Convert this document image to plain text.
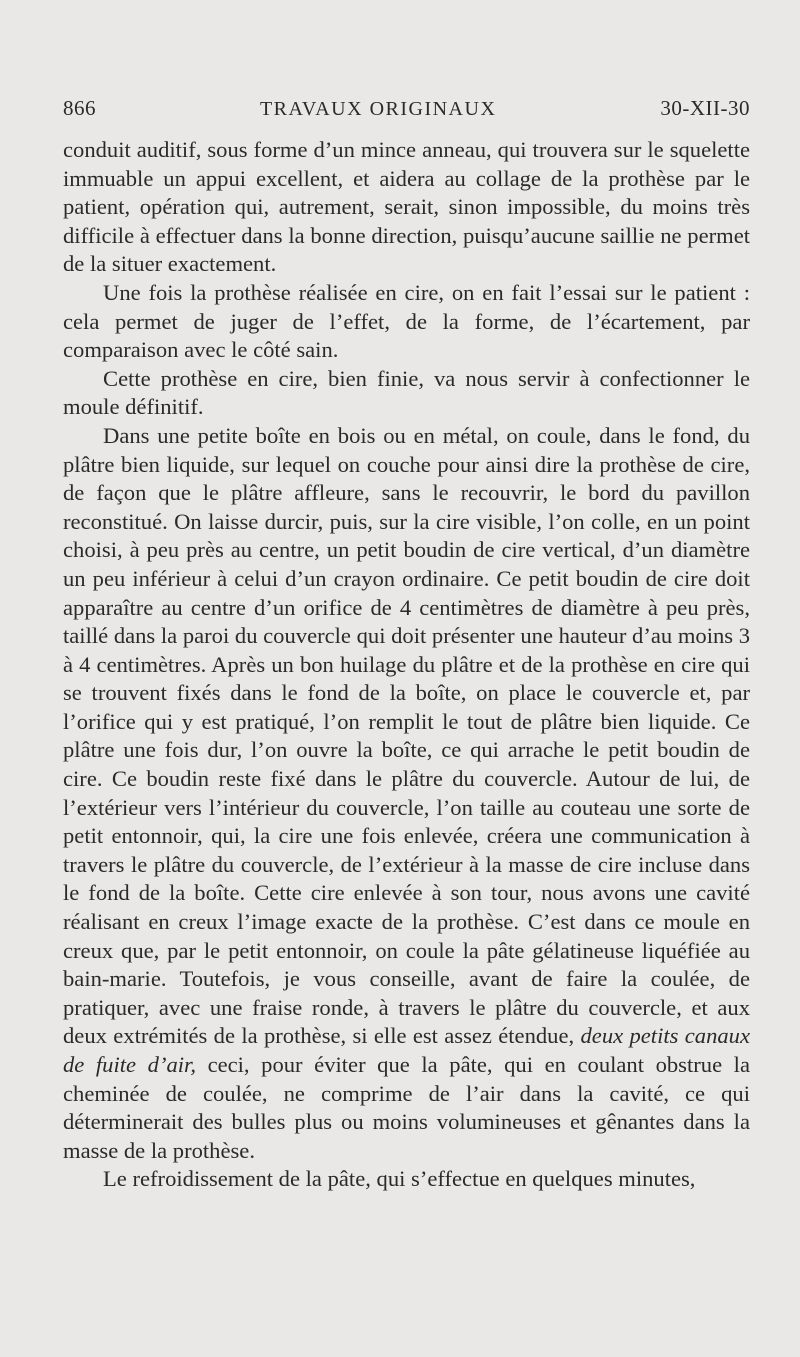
866	TRAVAUX ORIGINAUX	30-XII-30

conduit auditif, sous forme d’un mince anneau, qui trouvera sur le squelette immuable un appui excellent, et aidera au collage de la prothèse par le patient, opération qui, autrement, serait, sinon impossible, du moins très difficile à effectuer dans la bonne direction, puisqu’aucune saillie ne permet de la situer exactement.

Une fois la prothèse réalisée en cire, on en fait l’essai sur le patient : cela permet de juger de l’effet, de la forme, de l’écartement, par comparaison avec le côté sain.

Cette prothèse en cire, bien finie, va nous servir à confectionner le moule définitif.

Dans une petite boîte en bois ou en métal, on coule, dans le fond, du plâtre bien liquide, sur lequel on couche pour ainsi dire la prothèse de cire, de façon que le plâtre affleure, sans le recouvrir, le bord du pavillon reconstitué. On laisse durcir, puis, sur la cire visible, l’on colle, en un point choisi, à peu près au centre, un petit boudin de cire vertical, d’un diamètre un peu inférieur à celui d’un crayon ordinaire. Ce petit boudin de cire doit apparaître au centre d’un orifice de 4 centimètres de diamètre à peu près, taillé dans la paroi du couvercle qui doit présenter une hauteur d’au moins 3 à 4 centimètres. Après un bon huilage du plâtre et de la prothèse en cire qui se trouvent fixés dans le fond de la boîte, on place le couvercle et, par l’orifice qui y est pratiqué, l’on remplit le tout de plâtre bien liquide. Ce plâtre une fois dur, l’on ouvre la boîte, ce qui arrache le petit boudin de cire. Ce boudin reste fixé dans le plâtre du couvercle. Autour de lui, de l’extérieur vers l’intérieur du couvercle, l’on taille au couteau une sorte de petit entonnoir, qui, la cire une fois enlevée, créera une communication à travers le plâtre du couvercle, de l’extérieur à la masse de cire incluse dans le fond de la boîte. Cette cire enlevée à son tour, nous avons une cavité réalisant en creux l’image exacte de la prothèse. C’est dans ce moule en creux que, par le petit entonnoir, on coule la pâte gélatineuse liquéfiée au bain-marie. Toutefois, je vous conseille, avant de faire la coulée, de pratiquer, avec une fraise ronde, à travers le plâtre du couvercle, et aux deux extrémités de la prothèse, si elle est assez étendue, deux petits canaux de fuite d’air, ceci, pour éviter que la pâte, qui en coulant obstrue la cheminée de coulée, ne comprime de l’air dans la cavité, ce qui déterminerait des bulles plus ou moins volumineuses et gênantes dans la masse de la prothèse.

Le refroidissement de la pâte, qui s’effectue en quelques minutes,
